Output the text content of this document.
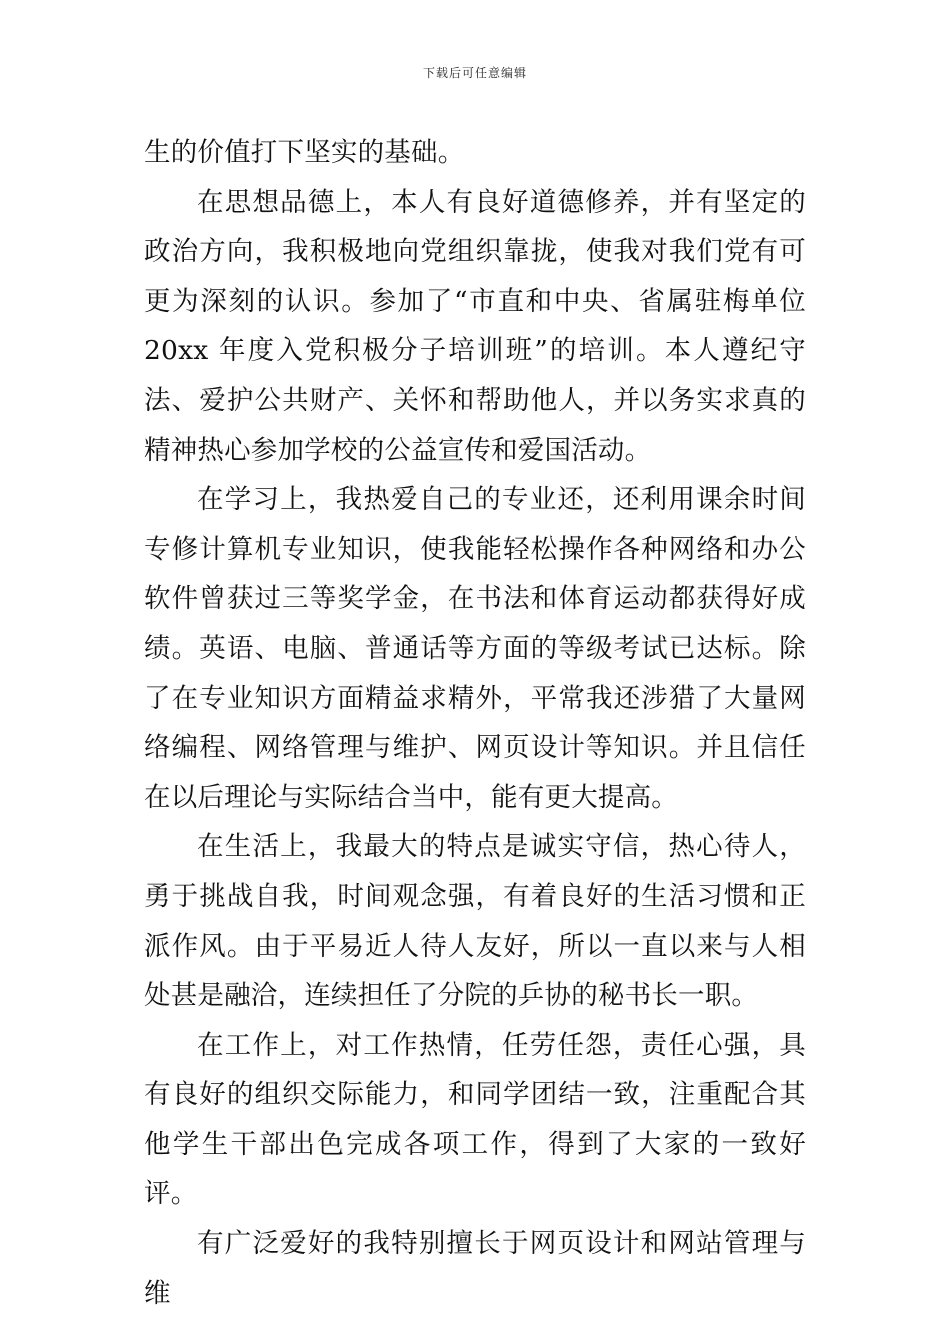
下载后可任意编辑

生的价值打下坚实的基础。

在思想品德上，本人有良好道德修养，并有坚定的政治方向，我积极地向党组织靠拢，使我对我们党有可更为深刻的认识。参加了“市直和中央、省属驻梅单位 20xx 年度入党积极分子培训班”的培训。本人遵纪守法、爱护公共财产、关怀和帮助他人，并以务实求真的精神热心参加学校的公益宣传和爱国活动。

在学习上，我热爱自己的专业还，还利用课余时间专修计算机专业知识，使我能轻松操作各种网络和办公软件曾获过三等奖学金，在书法和体育运动都获得好成绩。英语、电脑、普通话等方面的等级考试已达标。除了在专业知识方面精益求精外，平常我还涉猎了大量网络编程、网络管理与维护、网页设计等知识。并且信任在以后理论与实际结合当中，能有更大提高。

在生活上，我最大的特点是诚实守信，热心待人，勇于挑战自我，时间观念强，有着良好的生活习惯和正派作风。由于平易近人待人友好，所以一直以来与人相处甚是融洽，连续担任了分院的乒协的秘书长一职。

在工作上，对工作热情，任劳任怨，责任心强，具有良好的组织交际能力，和同学团结一致，注重配合其他学生干部出色完成各项工作，得到了大家的一致好评。

有广泛爱好的我特别擅长于网页设计和网站管理与维
